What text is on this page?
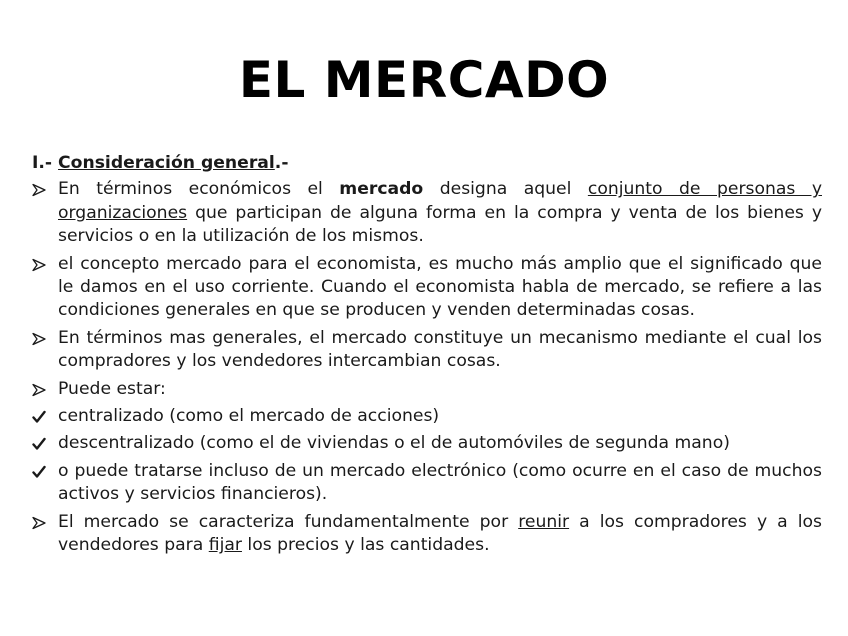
EL MERCADO
I.- Consideración general.-
En términos económicos el mercado designa aquel conjunto de personas y organizaciones que participan de alguna forma en la compra y venta de los bienes y servicios o en la utilización de los mismos.
el concepto mercado para el economista, es mucho más amplio que el significado que le damos en el uso corriente. Cuando el economista habla de mercado, se refiere a las condiciones generales en que se producen y venden determinadas cosas.
En términos mas generales, el mercado constituye un mecanismo mediante el cual los compradores y los vendedores intercambian cosas.
Puede estar:
centralizado (como el mercado de acciones)
descentralizado (como el de viviendas o el de automóviles de segunda mano)
o puede tratarse incluso de un mercado electrónico (como ocurre en el caso de muchos activos y servicios financieros).
El mercado se caracteriza fundamentalmente por reunir a los compradores y a los vendedores para fijar los precios y las cantidades.
